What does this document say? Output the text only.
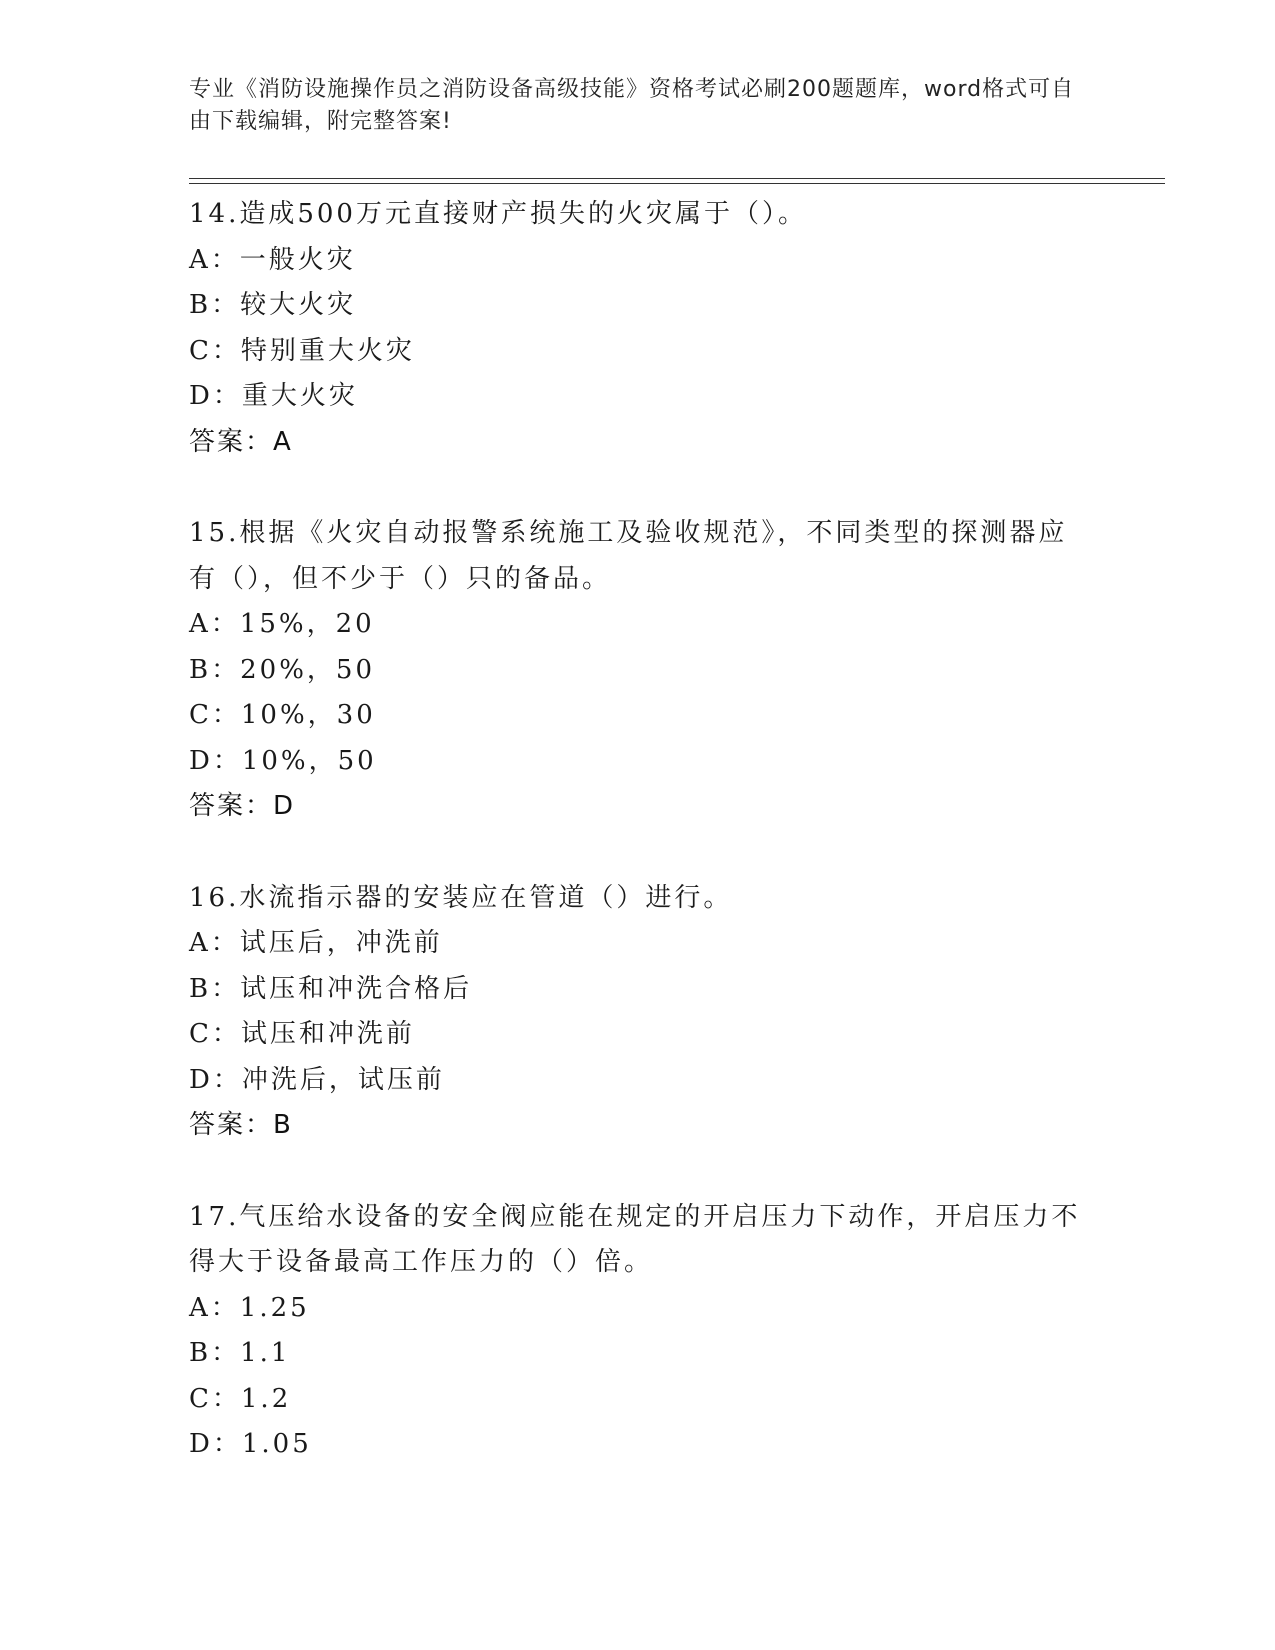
专业《消防设施操作员之消防设备高级技能》资格考试必刷200题题库，word格式可自由下载编辑，附完整答案!

14.造成500万元直接财产损失的火灾属于（）。

A：一般火灾

B：较大火灾

C：特别重大火灾

D：重大火灾

答案：A

15.根据《火灾自动报警系统施工及验收规范》，不同类型的探测器应有（），但不少于（）只的备品。

A：15%，20

B：20%，50

C：10%，30

D：10%，50

答案：D

16.水流指示器的安装应在管道（）进行。

A：试压后，冲洗前

B：试压和冲洗合格后

C：试压和冲洗前

D：冲洗后，试压前

答案：B

17.气压给水设备的安全阀应能在规定的开启压力下动作，开启压力不得大于设备最高工作压力的（）倍。

A：1.25

B：1.1

C：1.2

D：1.05
